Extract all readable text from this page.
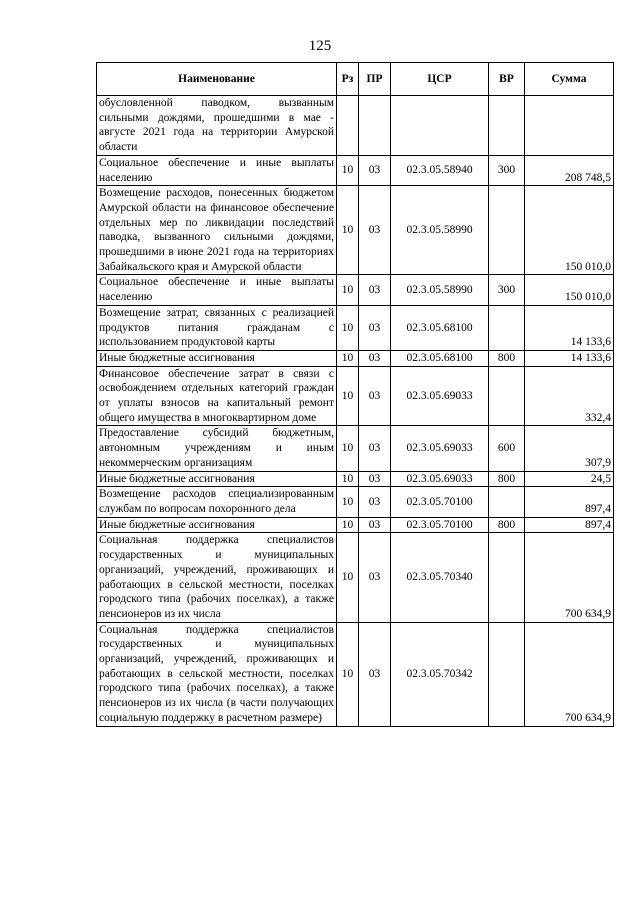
125
Наименование	Рз	ПР	ЦСР	ВР	Сумма
обусловленной паводком, вызванным сильными дождями, прошедшими в мае - августе 2021 года на территории Амурской области					
Социальное обеспечение и иные выплаты населению	10	03	02.3.05.58940	300	208 748,5
Возмещение расходов, понесенных бюджетом Амурской области на финансовое обеспечение отдельных мер по ликвидации последствий паводка, вызванного сильными дождями, прошедшими в июне 2021 года на территориях Забайкальского края и Амурской области	10	03	02.3.05.58990		150 010,0
Социальное обеспечение и иные выплаты населению	10	03	02.3.05.58990	300	150 010,0
Возмещение затрат, связанных с реализацией продуктов питания гражданам с использованием продуктовой карты	10	03	02.3.05.68100		14 133,6
Иные бюджетные ассигнования	10	03	02.3.05.68100	800	14 133,6
Финансовое обеспечение затрат в связи с освобождением отдельных категорий граждан от уплаты взносов на капитальный ремонт общего имущества в многоквартирном доме	10	03	02.3.05.69033		332,4
Предоставление субсидий бюджетным, автономным учреждениям и иным некоммерческим организациям	10	03	02.3.05.69033	600	307,9
Иные бюджетные ассигнования	10	03	02.3.05.69033	800	24,5
Возмещение расходов специализированным службам по вопросам похоронного дела	10	03	02.3.05.70100		897,4
Иные бюджетные ассигнования	10	03	02.3.05.70100	800	897,4
Социальная поддержка специалистов государственных и муниципальных организаций, учреждений, проживающих и работающих в сельской местности, поселках городского типа (рабочих поселках), а также пенсионеров из их числа	10	03	02.3.05.70340		700 634,9
Социальная поддержка специалистов государственных и муниципальных организаций, учреждений, проживающих и работающих в сельской местности, поселках городского типа (рабочих поселках), а также пенсионеров из их числа (в части получающих социальную поддержку в расчетном размере)	10	03	02.3.05.70342		700 634,9
